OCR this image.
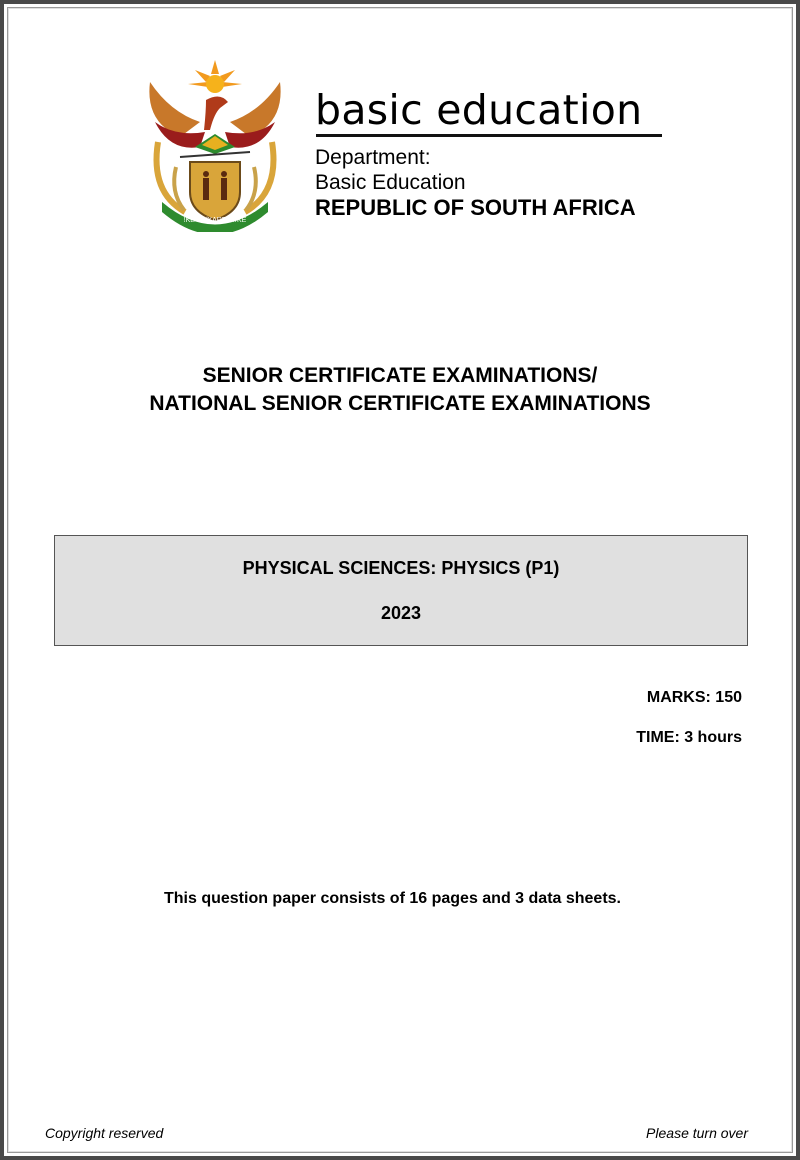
!KE E: /XARRA //KE
basic education
Department:
Basic Education
REPUBLIC OF SOUTH AFRICA
SENIOR CERTIFICATE EXAMINATIONS/
NATIONAL SENIOR CERTIFICATE EXAMINATIONS
PHYSICAL SCIENCES: PHYSICS (P1)
2023
MARKS: 150
TIME: 3 hours
This question paper consists of 16 pages and 3 data sheets.
Copyright reserved	Please turn over
